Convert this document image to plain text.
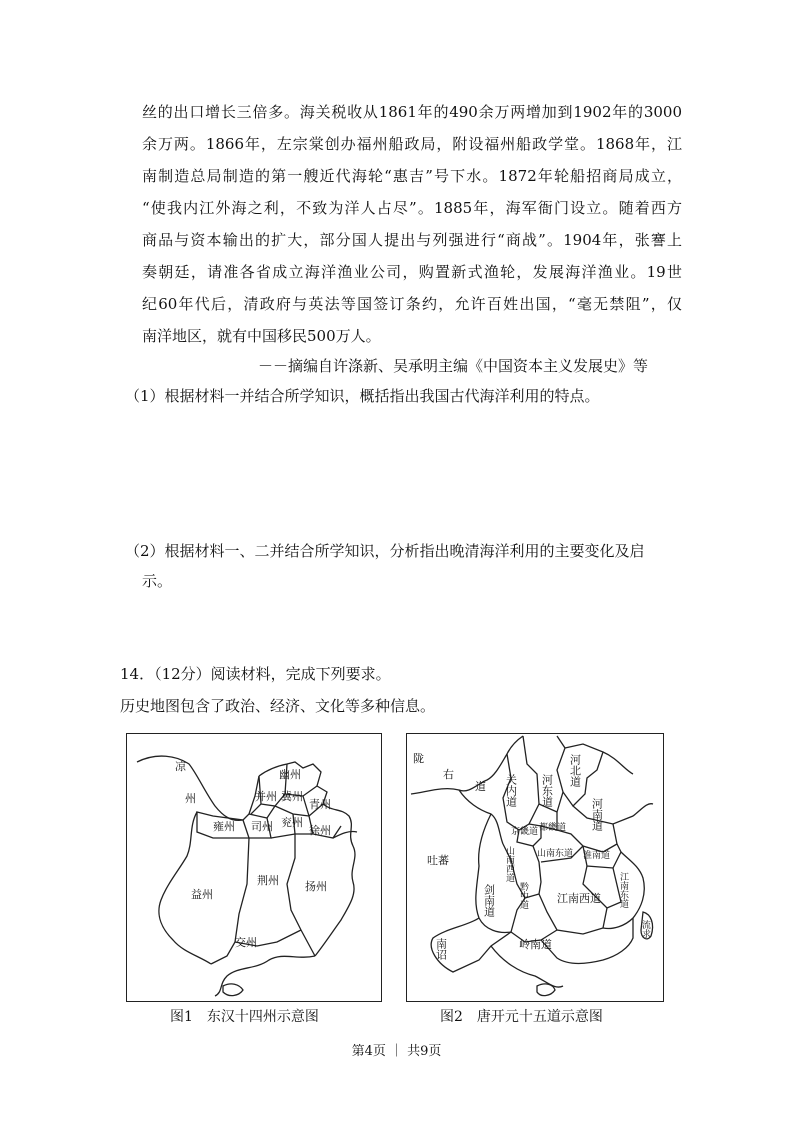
丝的出口增长三倍多。海关税收从1861年的490余万两增加到1902年的3000
余万两。1866年，左宗棠创办福州船政局，附设福州船政学堂。1868年，江
南制造总局制造的第一艘近代海轮“惠吉”号下水。1872年轮船招商局成立，
“使我内江外海之利，不致为洋人占尽”。1885年，海军衙门设立。随着西方
商品与资本输出的扩大，部分国人提出与列强进行“商战”。1904年，张謇上
奏朝廷，请准各省成立海洋渔业公司，购置新式渔轮，发展海洋渔业。19世
纪60年代后，清政府与英法等国签订条约，允许百姓出国，“毫无禁阻”，仅
南洋地区，就有中国移民500万人。
－－摘编自许涤新、吴承明主编《中国资本主义发展史》等
（1）根据材料一并结合所学知识，概括指出我国古代海洋利用的特点。
（2）根据材料一、二并结合所学知识，分析指出晚清海洋利用的主要变化及启
示。
14．（12分）阅读材料，完成下列要求。
历史地图包含了政治、经济、文化等多种信息。
凉
州
幽州
并州 冀州
青州
雍州 司州 兖州
徐州
益州
荆州 扬州
交州
陇
右
道 关内道 河东道
河北道
河南道
京畿道 都畿道
吐蕃	山南西道	山南东道 淮南道
剑南道	黔中道	江南西道 江南东道
南诏	岭南道
流求
图1　东汉十四州示意图	图2　唐开元十五道示意图
第4页 ｜ 共9页
